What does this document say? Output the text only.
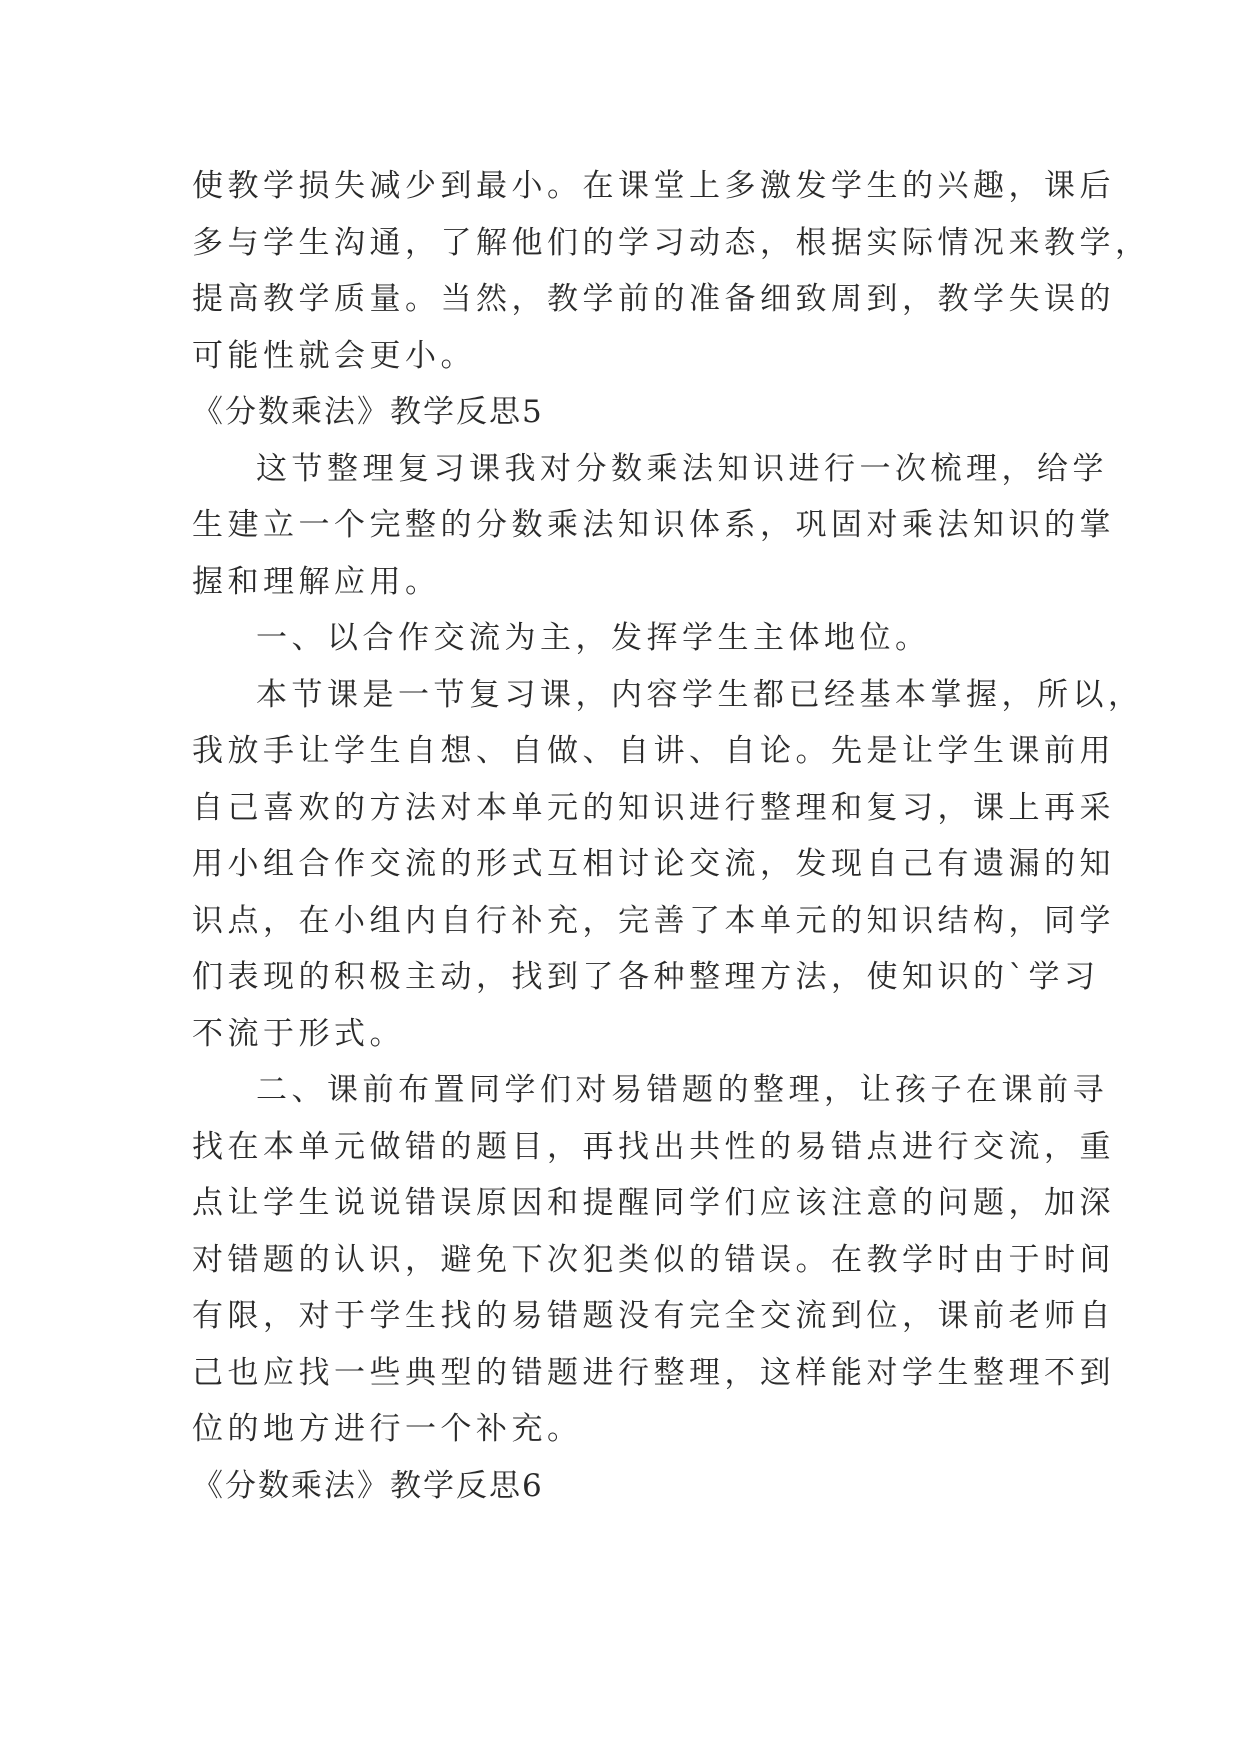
使教学损失减少到最小。在课堂上多激发学生的兴趣，课后
多与学生沟通，了解他们的学习动态，根据实际情况来教学，
提高教学质量。当然，教学前的准备细致周到，教学失误的
可能性就会更小。
《分数乘法》教学反思5
这节整理复习课我对分数乘法知识进行一次梳理，给学
生建立一个完整的分数乘法知识体系，巩固对乘法知识的掌
握和理解应用。
一、以合作交流为主，发挥学生主体地位。
本节课是一节复习课，内容学生都已经基本掌握，所以，
我放手让学生自想、自做、自讲、自论。先是让学生课前用
自己喜欢的方法对本单元的知识进行整理和复习，课上再采
用小组合作交流的形式互相讨论交流，发现自己有遗漏的知
识点，在小组内自行补充，完善了本单元的知识结构，同学
们表现的积极主动，找到了各种整理方法，使知识的`学习
不流于形式。
二、课前布置同学们对易错题的整理，让孩子在课前寻
找在本单元做错的题目，再找出共性的易错点进行交流，重
点让学生说说错误原因和提醒同学们应该注意的问题，加深
对错题的认识，避免下次犯类似的错误。在教学时由于时间
有限，对于学生找的易错题没有完全交流到位，课前老师自
己也应找一些典型的错题进行整理，这样能对学生整理不到
位的地方进行一个补充。
《分数乘法》教学反思6
